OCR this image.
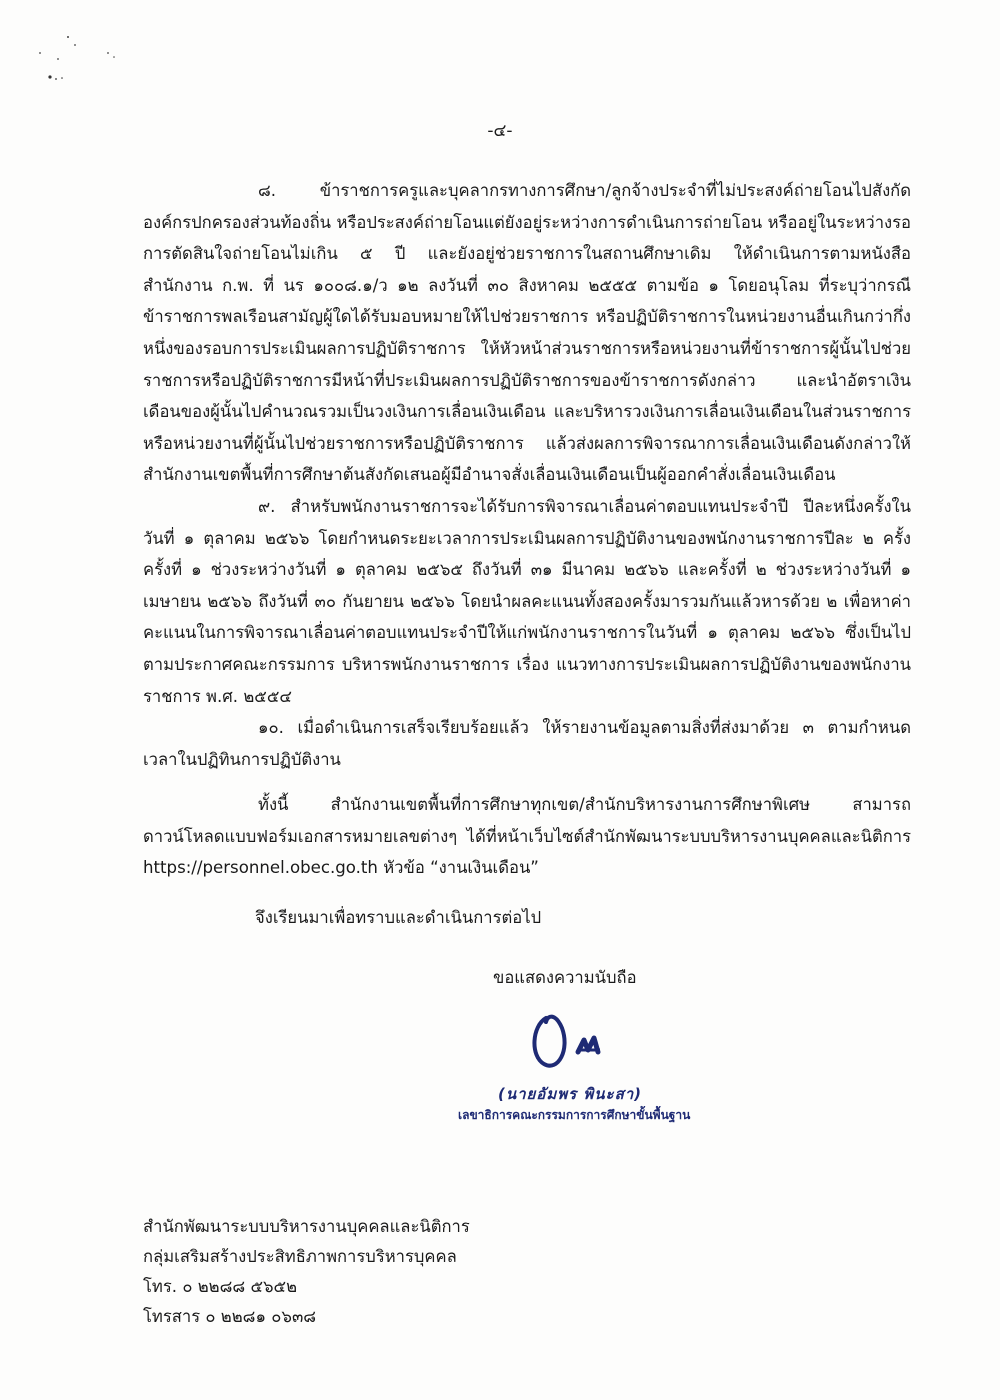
-๔-

๘. ข้าราชการครูและบุคลากรทางการศึกษา/ลูกจ้างประจำที่ไม่ประสงค์ถ่ายโอนไปสังกัดองค์กรปกครองส่วนท้องถิ่น หรือประสงค์ถ่ายโอนแต่ยังอยู่ระหว่างการดำเนินการถ่ายโอน หรืออยู่ในระหว่างรอการตัดสินใจถ่ายโอนไม่เกิน ๕ ปี และยังอยู่ช่วยราชการในสถานศึกษาเดิม ให้ดำเนินการตามหนังสือสำนักงาน ก.พ. ที่ นร ๑๐๐๘.๑/ว ๑๒ ลงวันที่ ๓๐ สิงหาคม ๒๕๕๕ ตามข้อ ๑ โดยอนุโลม ที่ระบุว่ากรณีข้าราชการพลเรือนสามัญผู้ใดได้รับมอบหมายให้ไปช่วยราชการ หรือปฏิบัติราชการในหน่วยงานอื่นเกินกว่ากึ่งหนึ่งของรอบการประเมินผลการปฏิบัติราชการ ให้หัวหน้าส่วนราชการหรือหน่วยงานที่ข้าราชการผู้นั้นไปช่วยราชการหรือปฏิบัติราชการมีหน้าที่ประเมินผลการปฏิบัติราชการของข้าราชการดังกล่าว และนำอัตราเงินเดือนของผู้นั้นไปคำนวณรวมเป็นวงเงินการเลื่อนเงินเดือน และบริหารวงเงินการเลื่อนเงินเดือนในส่วนราชการหรือหน่วยงานที่ผู้นั้นไปช่วยราชการหรือปฏิบัติราชการ แล้วส่งผลการพิจารณาการเลื่อนเงินเดือนดังกล่าวให้สำนักงานเขตพื้นที่การศึกษาต้นสังกัดเสนอผู้มีอำนาจสั่งเลื่อนเงินเดือนเป็นผู้ออกคำสั่งเลื่อนเงินเดือน

๙. สำหรับพนักงานราชการจะได้รับการพิจารณาเลื่อนค่าตอบแทนประจำปี ปีละหนึ่งครั้งในวันที่ ๑ ตุลาคม ๒๕๖๖ โดยกำหนดระยะเวลาการประเมินผลการปฏิบัติงานของพนักงานราชการปีละ ๒ ครั้ง ครั้งที่ ๑ ช่วงระหว่างวันที่ ๑ ตุลาคม ๒๕๖๕ ถึงวันที่ ๓๑ มีนาคม ๒๕๖๖ และครั้งที่ ๒ ช่วงระหว่างวันที่ ๑ เมษายน ๒๕๖๖ ถึงวันที่ ๓๐ กันยายน ๒๕๖๖ โดยนำผลคะแนนทั้งสองครั้งมารวมกันแล้วหารด้วย ๒ เพื่อหาค่าคะแนนในการพิจารณาเลื่อนค่าตอบแทนประจำปีให้แก่พนักงานราชการในวันที่ ๑ ตุลาคม ๒๕๖๖ ซึ่งเป็นไปตามประกาศคณะกรรมการ บริหารพนักงานราชการ เรื่อง แนวทางการประเมินผลการปฏิบัติงานของพนักงานราชการ พ.ศ. ๒๕๕๔

๑๐. เมื่อดำเนินการเสร็จเรียบร้อยแล้ว ให้รายงานข้อมูลตามสิ่งที่ส่งมาด้วย ๓ ตามกำหนดเวลาในปฏิทินการปฏิบัติงาน

ทั้งนี้ สำนักงานเขตพื้นที่การศึกษาทุกเขต/สำนักบริหารงานการศึกษาพิเศษ สามารถดาวน์โหลดแบบฟอร์มเอกสารหมายเลขต่างๆ ได้ที่หน้าเว็บไซต์สำนักพัฒนาระบบบริหารงานบุคคลและนิติการ https://personnel.obec.go.th หัวข้อ “งานเงินเดือน”

จึงเรียนมาเพื่อทราบและดำเนินการต่อไป
ขอแสดงความนับถือ
(นายอัมพร พินะสา)
เลขาธิการคณะกรรมการการศึกษาขั้นพื้นฐาน
สำนักพัฒนาระบบบริหารงานบุคคลและนิติการ
กลุ่มเสริมสร้างประสิทธิภาพการบริหารบุคคล
โทร. ๐ ๒๒๘๘ ๕๖๕๒
โทรสาร ๐ ๒๒๘๑ ๐๖๓๘
